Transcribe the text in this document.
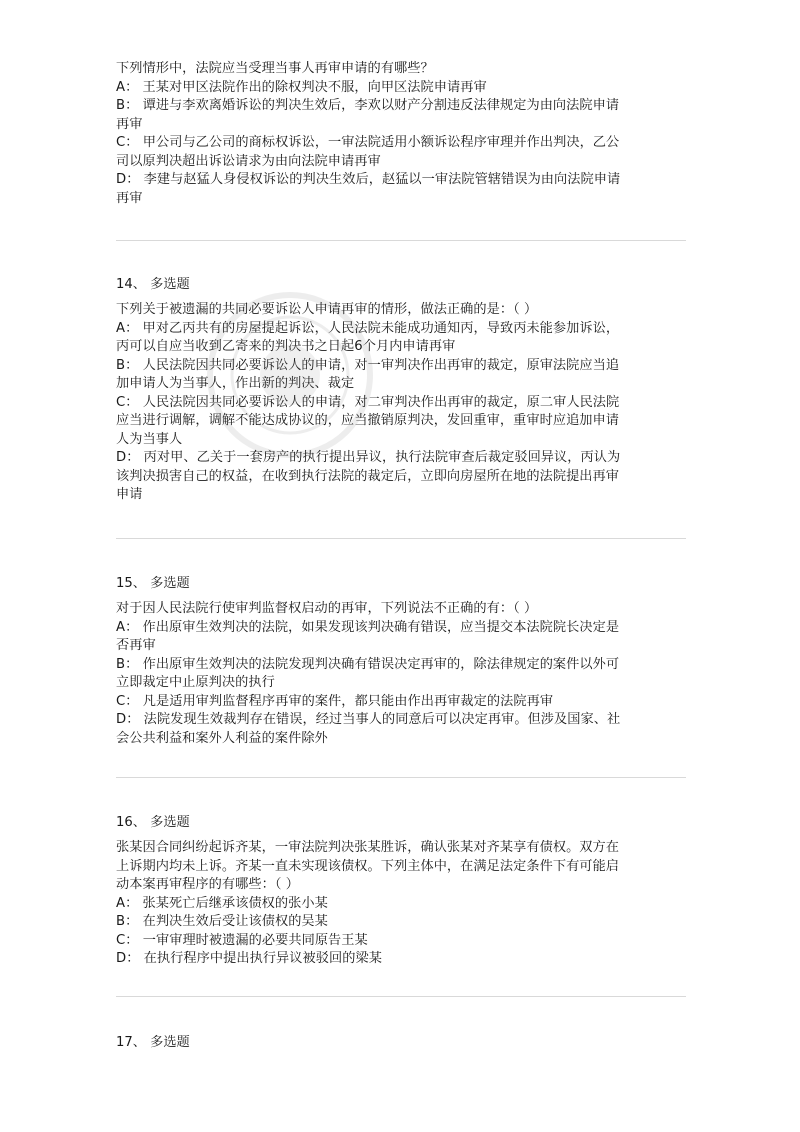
下列情形中，法院应当受理当事人再审申请的有哪些？
A： 王某对甲区法院作出的除权判决不服，向甲区法院申请再审
B： 谭进与李欢离婚诉讼的判决生效后，李欢以财产分割违反法律规定为由向法院申请
再审
C： 甲公司与乙公司的商标权诉讼，一审法院适用小额诉讼程序审理并作出判决，乙公
司以原判决超出诉讼请求为由向法院申请再审
D： 李建与赵猛人身侵权诉讼的判决生效后，赵猛以一审法院管辖错误为由向法院申请
再审
14、 多选题
下列关于被遗漏的共同必要诉讼人申请再审的情形，做法正确的是：（ ）
A： 甲对乙丙共有的房屋提起诉讼，人民法院未能成功通知丙，导致丙未能参加诉讼，
丙可以自应当收到乙寄来的判决书之日起6个月内申请再审
B： 人民法院因共同必要诉讼人的申请，对一审判决作出再审的裁定，原审法院应当追
加申请人为当事人，作出新的判决、裁定
C： 人民法院因共同必要诉讼人的申请，对二审判决作出再审的裁定，原二审人民法院
应当进行调解，调解不能达成协议的，应当撤销原判决，发回重审，重审时应追加申请
人为当事人
D： 丙对甲、乙关于一套房产的执行提出异议，执行法院审查后裁定驳回异议，丙认为
该判决损害自己的权益，在收到执行法院的裁定后，立即向房屋所在地的法院提出再审
申请
15、 多选题
对于因人民法院行使审判监督权启动的再审，下列说法不正确的有：（ ）
A： 作出原审生效判决的法院，如果发现该判决确有错误，应当提交本法院院长决定是
否再审
B： 作出原审生效判决的法院发现判决确有错误决定再审的，除法律规定的案件以外可
立即裁定中止原判决的执行
C： 凡是适用审判监督程序再审的案件，都只能由作出再审裁定的法院再审
D： 法院发现生效裁判存在错误，经过当事人的同意后可以决定再审。但涉及国家、社
会公共利益和案外人利益的案件除外
16、 多选题
张某因合同纠纷起诉齐某，一审法院判决张某胜诉，确认张某对齐某享有债权。双方在
上诉期内均未上诉。齐某一直未实现该债权。下列主体中，在满足法定条件下有可能启
动本案再审程序的有哪些：（ ）
A： 张某死亡后继承该债权的张小某
B： 在判决生效后受让该债权的吴某
C： 一审审理时被遗漏的必要共同原告王某
D： 在执行程序中提出执行异议被驳回的梁某
17、 多选题
